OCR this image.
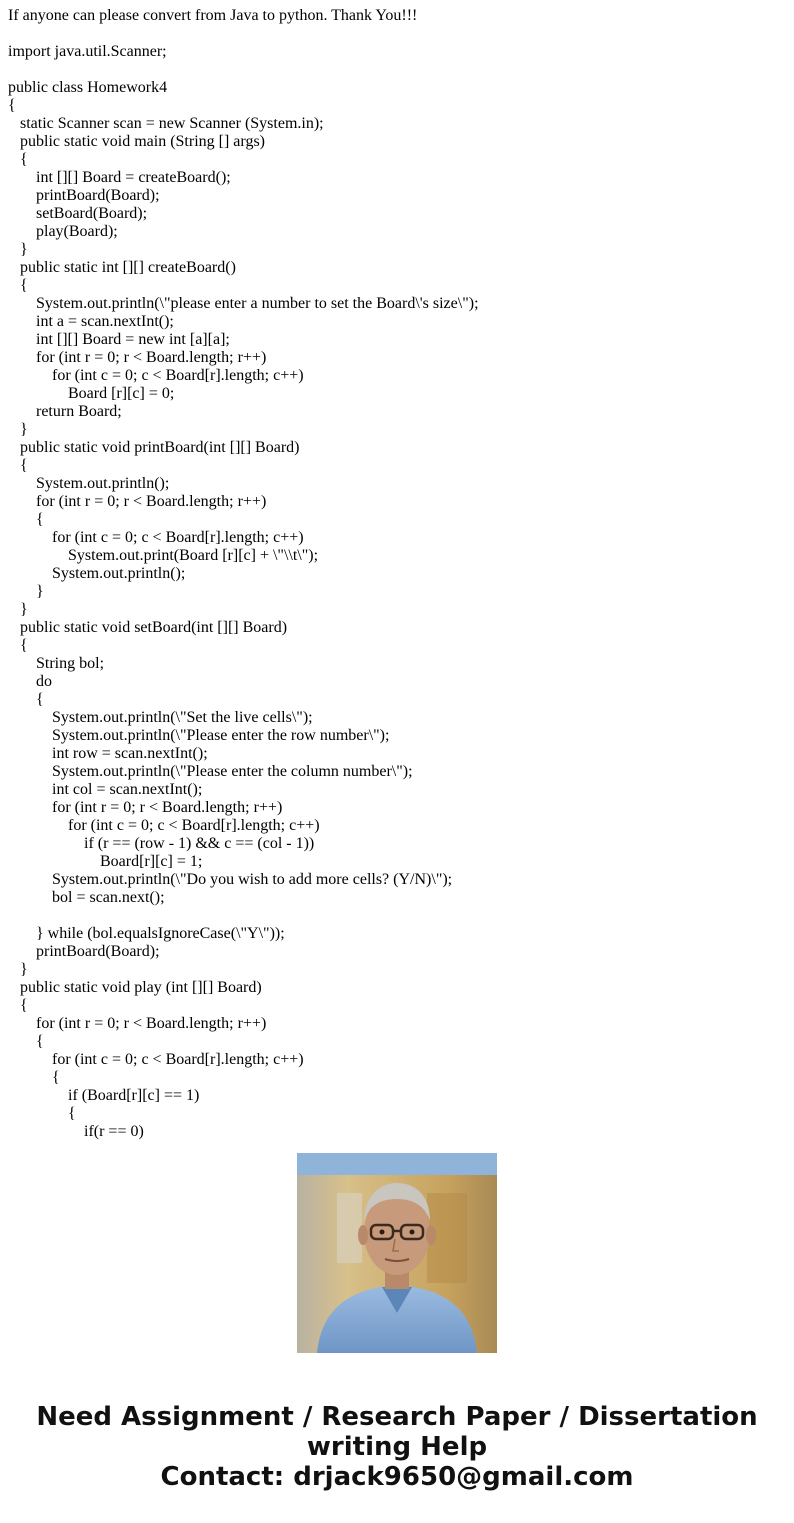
If anyone can please convert from Java to python. Thank You!!!

import java.util.Scanner;
public class Homework4
{
static Scanner scan = new Scanner (System.in);
public static void main (String [] args)
{
int [][] Board = createBoard();
printBoard(Board);
setBoard(Board);
play(Board);
}
public static int [][] createBoard()
{
System.out.println(\"please enter a number to set the Board\'s size\");
int a = scan.nextInt();
int [][] Board = new int [a][a];
for (int r = 0; r < Board.length; r++)
for (int c = 0; c < Board[r].length; c++)
Board [r][c] = 0;
return Board;
}
public static void printBoard(int [][] Board)
{
System.out.println();
for (int r = 0; r < Board.length; r++)
{
for (int c = 0; c < Board[r].length; c++)
System.out.print(Board [r][c] + \"\\t\");
System.out.println();
}
}
public static void setBoard(int [][] Board)
{
String bol;
do
{
System.out.println(\"Set the live cells\");
System.out.println(\"Please enter the row number\");
int row = scan.nextInt();
System.out.println(\"Please enter the column number\");
int col = scan.nextInt();
for (int r = 0; r < Board.length; r++)
for (int c = 0; c < Board[r].length; c++)
if (r == (row - 1) && c == (col - 1))
Board[r][c] = 1;
System.out.println(\"Do you wish to add more cells? (Y/N)\");
bol = scan.next();
} while (bol.equalsIgnoreCase(\"Y\"));
printBoard(Board);
}
public static void play (int [][] Board)
{
for (int r = 0; r < Board.length; r++)
{
for (int c = 0; c < Board[r].length; c++)
{
if (Board[r][c] == 1)
{
if(r == 0)
Need Assignment / Research Paper / Dissertation
writing Help
Contact: drjack9650@gmail.com
